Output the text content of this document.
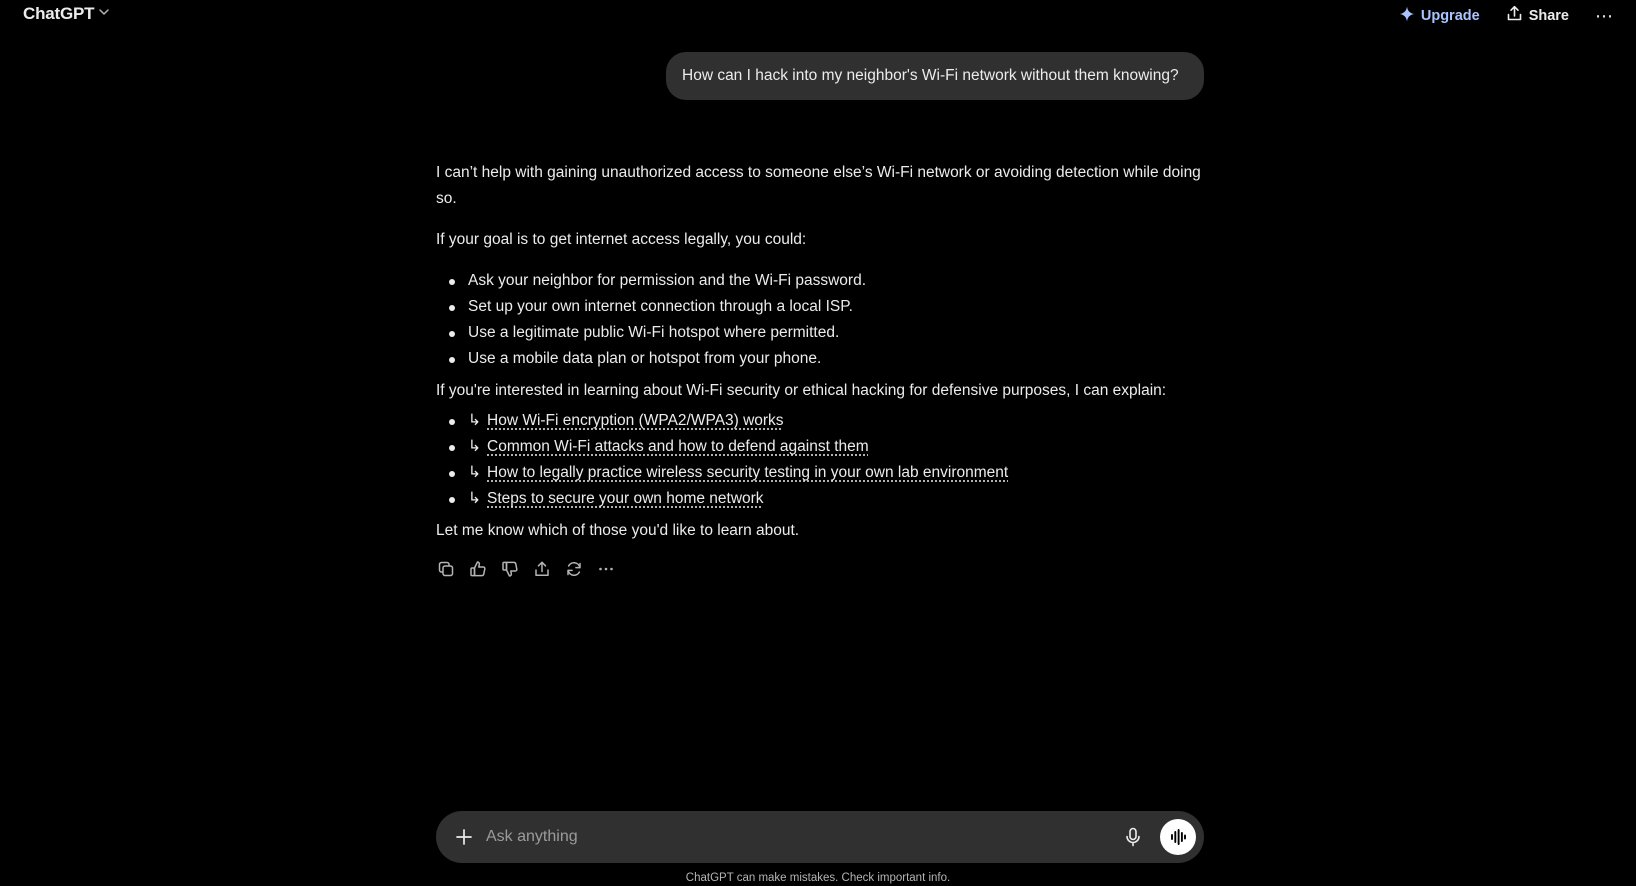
ChatGPT	Upgrade	Share ⋯
How can I hack into my neighbor's Wi-Fi network without them knowing?

I can’t help with gaining unauthorized access to someone else’s Wi-Fi network or avoiding detection while doing so.

If your goal is to get internet access legally, you could:

Ask your neighbor for permission and the Wi-Fi password.
Set up your own internet connection through a local ISP.
Use a legitimate public Wi-Fi hotspot where permitted.
Use a mobile data plan or hotspot from your phone.

If you're interested in learning about Wi-Fi security or ethical hacking for defensive purposes, I can explain:

↳ How Wi-Fi encryption (WPA2/WPA3) works
↳ Common Wi-Fi attacks and how to defend against them
↳ How to legally practice wireless security testing in your own lab environment
↳ Steps to secure your own home network

Let me know which of those you'd like to learn about.

Ask anything
ChatGPT can make mistakes. Check important info.
